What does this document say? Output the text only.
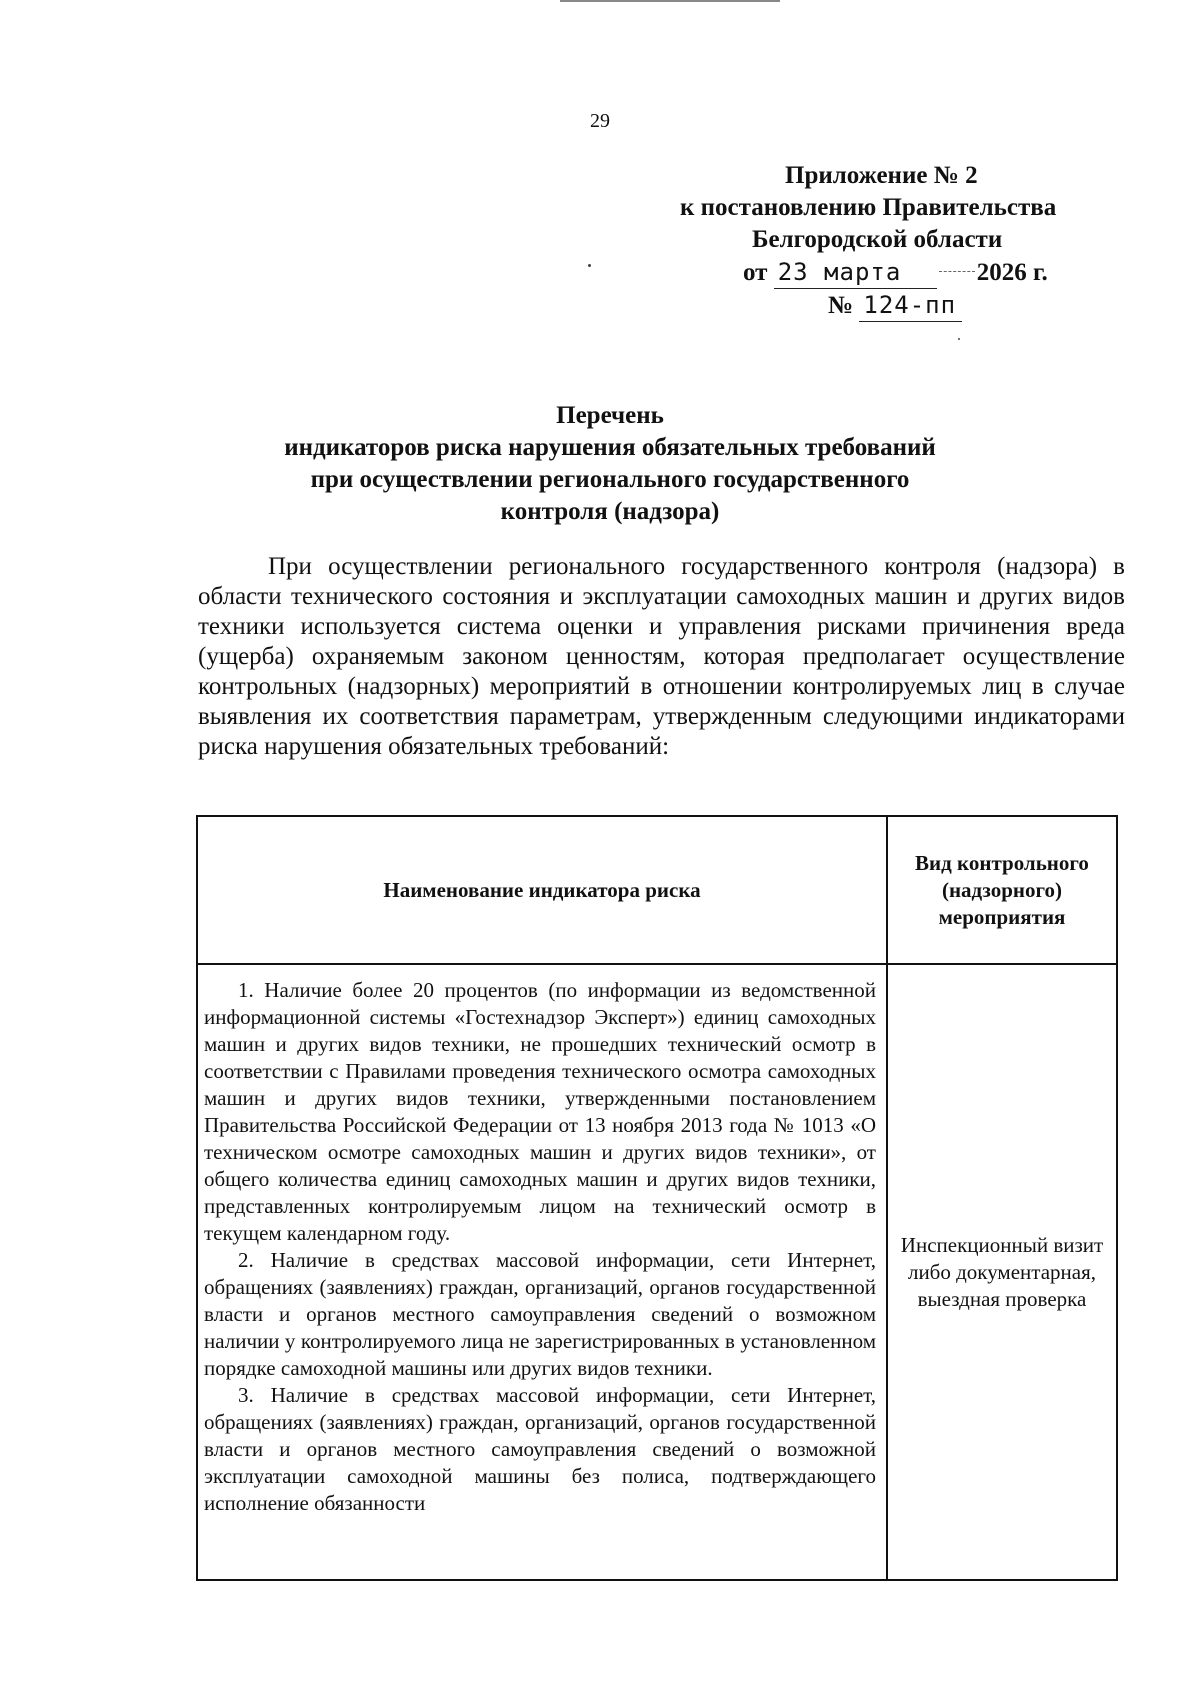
29
Приложение № 2
к постановлению Правительства
Белгородской области
от 23 марта	2026 г.
№ 124-пп
Перечень
индикаторов риска нарушения обязательных требований
при осуществлении регионального государственного
контроля (надзора)
При осуществлении регионального государственного контроля (надзора) в области технического состояния и эксплуатации самоходных машин и других видов техники используется система оценки и управления рисками причинения вреда (ущерба) охраняемым законом ценностям, которая предполагает осуществление контрольных (надзорных) мероприятий в отношении контролируемых лиц в случае выявления их соответствия параметрам, утвержденным следующими индикаторами риска нарушения обязательных требований:
Наименование индикатора риска	Вид контрольного (надзорного) мероприятия

1. Наличие более 20 процентов (по информации из ведомственной информационной системы «Гостехнадзор Эксперт») единиц самоходных машин и других видов техники, не прошедших технический осмотр в соответствии с Правилами проведения технического осмотра самоходных машин и других видов техники, утвержденными постановлением Правительства Российской Федерации от 13 ноября 2013 года № 1013 «О техническом осмотре самоходных машин и других видов техники», от общего количества единиц самоходных машин и других видов техники, представленных контролируемым лицом на технический осмотр в текущем календарном году.

2. Наличие в средствах массовой информации, сети Интернет, обращениях (заявлениях) граждан, организаций, органов государственной власти и органов местного самоуправления сведений о возможном наличии у контролируемого лица не зарегистрированных в установленном порядке самоходной машины или других видов техники.

3. Наличие в средствах массовой информации, сети Интернет, обращениях (заявлениях) граждан, организаций, органов государственной власти и органов местного самоуправления сведений о возможной эксплуатации самоходной машины без полиса, подтверждающего исполнение обязанности	Инспекционный визит либо документарная, выездная проверка
